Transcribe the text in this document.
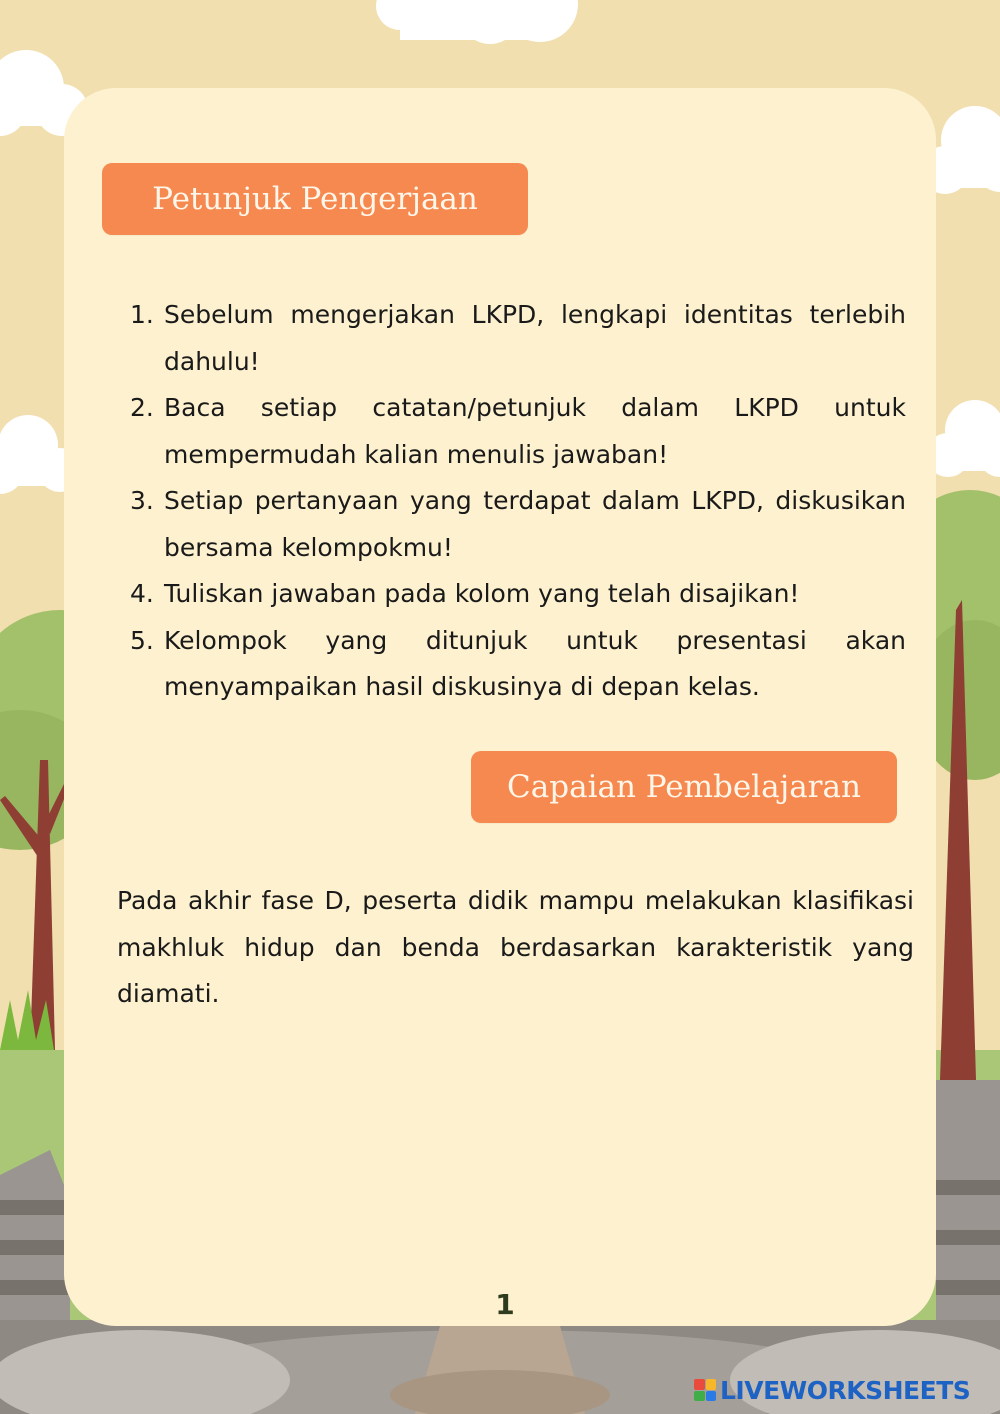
Petunjuk Pengerjaan
1. Sebelum mengerjakan LKPD, lengkapi identitas terlebih dahulu!
2. Baca setiap catatan/petunjuk dalam LKPD untuk mempermudah kalian menulis jawaban!
3. Setiap pertanyaan yang terdapat dalam LKPD, diskusikan bersama kelompokmu!
4. Tuliskan jawaban pada kolom yang telah disajikan!
5. Kelompok yang ditunjuk untuk presentasi akan menyampaikan hasil diskusinya di depan kelas.
Capaian Pembelajaran

Pada akhir fase D, peserta didik mampu melakukan klasifikasi makhluk hidup dan benda berdasarkan karakteristik yang diamati.

1
LIVEWORKSHEETS
